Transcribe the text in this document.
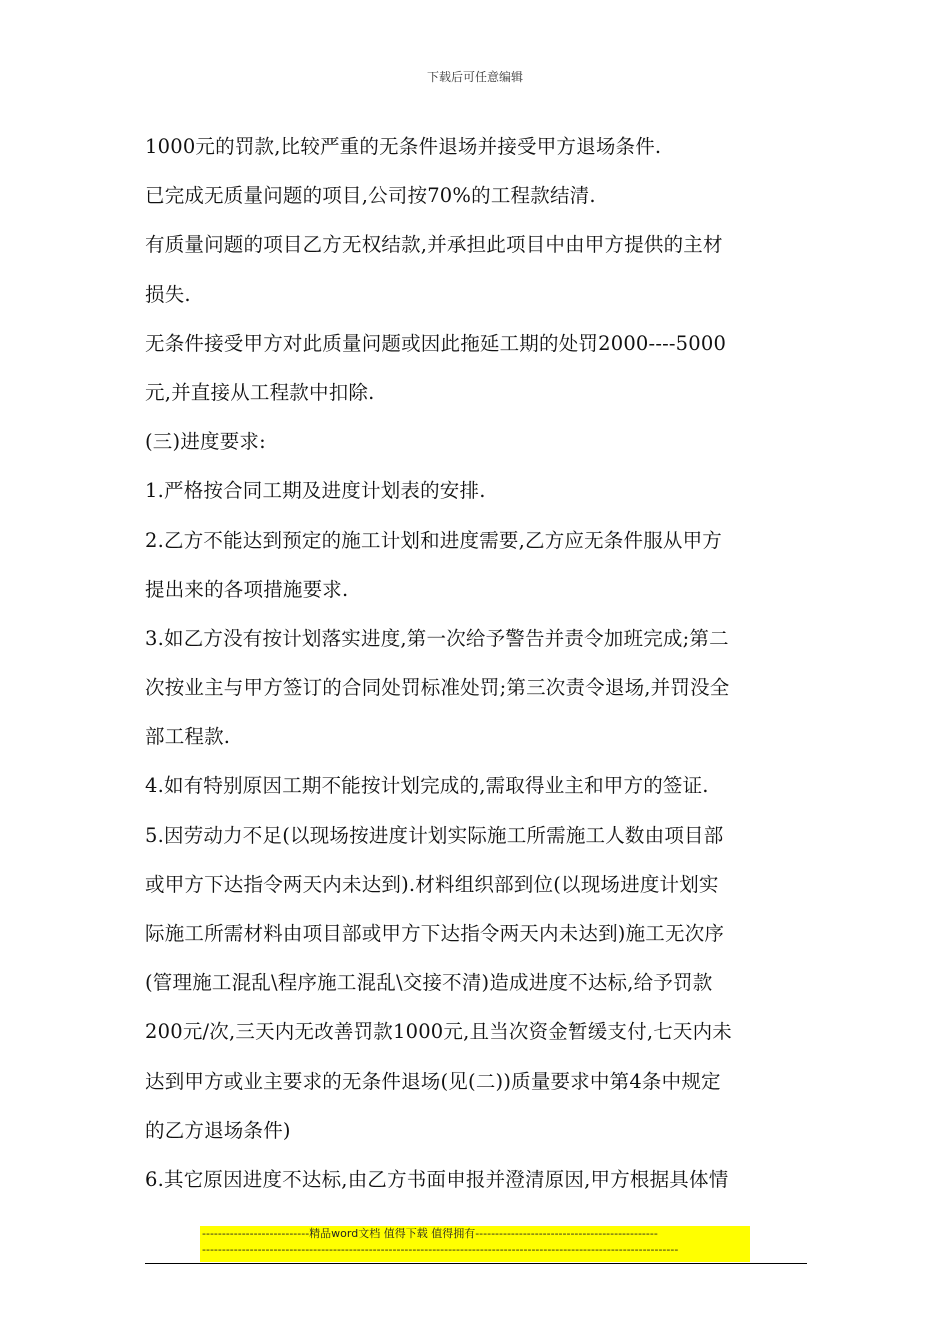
下载后可任意编辑
1000元的罚款,比较严重的无条件退场并接受甲方退场条件.
已完成无质量问题的项目,公司按70%的工程款结清.
有质量问题的项目乙方无权结款,并承担此项目中由甲方提供的主材
损失.
无条件接受甲方对此质量问题或因此拖延工期的处罚2000----5000
元,并直接从工程款中扣除.
(三)进度要求:
1.严格按合同工期及进度计划表的安排.
2.乙方不能达到预定的施工计划和进度需要,乙方应无条件服从甲方
提出来的各项措施要求.
3.如乙方没有按计划落实进度,第一次给予警告并责令加班完成;第二
次按业主与甲方签订的合同处罚标准处罚;第三次责令退场,并罚没全
部工程款.
4.如有特别原因工期不能按计划完成的,需取得业主和甲方的签证.
5.因劳动力不足(以现场按进度计划实际施工所需施工人数由项目部
或甲方下达指令两天内未达到).材料组织部到位(以现场进度计划实
际施工所需材料由项目部或甲方下达指令两天内未达到)施工无次序
(管理施工混乱\程序施工混乱\交接不清)造成进度不达标,给予罚款
200元/次,三天内无改善罚款1000元,且当次资金暂缓支付,七天内未
达到甲方或业主要求的无条件退场(见(二))质量要求中第4条中规定
的乙方退场条件)
6.其它原因进度不达标,由乙方书面申报并澄清原因,甲方根据具体情
---------------------------精品word文档 值得下载 值得拥有----------------------------------------------
------------------------------------------------------------------------------------------------------------------------
